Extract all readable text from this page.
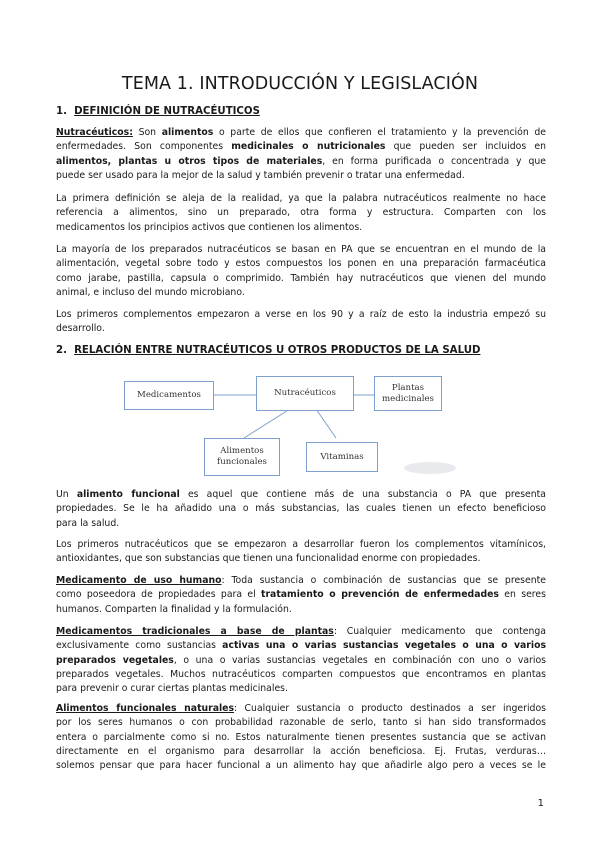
TEMA 1. INTRODUCCIÓN Y LEGISLACIÓN
1. DEFINICIÓN DE NUTRACÉUTICOS
Nutracéuticos: Son alimentos o parte de ellos que confieren el tratamiento y la prevención de
enfermedades. Son componentes medicinales o nutricionales que pueden ser incluidos en
alimentos, plantas u otros tipos de materiales, en forma purificada o concentrada y que
puede ser usado para la mejor de la salud y también prevenir o tratar una enfermedad.
La primera definición se aleja de la realidad, ya que la palabra nutracéuticos realmente no hace
referencia a alimentos, sino un preparado, otra forma y estructura. Comparten con los
medicamentos los principios activos que contienen los alimentos.
La mayoría de los preparados nutracéuticos se basan en PA que se encuentran en el mundo de la
alimentación, vegetal sobre todo y estos compuestos los ponen en una preparación farmacéutica
como jarabe, pastilla, capsula o comprimido. También hay nutracéuticos que vienen del mundo
animal, e incluso del mundo microbiano.
Los primeros complementos empezaron a verse en los 90 y a raíz de esto la industria empezó su
desarrollo.
2. RELACIÓN ENTRE NUTRACÉUTICOS U OTROS PRODUCTOS DE LA SALUD
Medicamentos	Nutracéuticos
Plantas
medicinales
Alimentos
funcionales
Vitaminas
Un alimento funcional es aquel que contiene más de una substancia o PA que presenta
propiedades. Se le ha añadido una o más substancias, las cuales tienen un efecto beneficioso
para la salud.
Los primeros nutracéuticos que se empezaron a desarrollar fueron los complementos vitamínicos,
antioxidantes, que son substancias que tienen una funcionalidad enorme con propiedades.
Medicamento de uso humano: Toda sustancia o combinación de sustancias que se presente
como poseedora de propiedades para el tratamiento o prevención de enfermedades en seres
humanos. Comparten la finalidad y la formulación.
Medicamentos tradicionales a base de plantas: Cualquier medicamento que contenga
exclusivamente como sustancias activas una o varias sustancias vegetales o una o varios
preparados vegetales, o una o varias sustancias vegetales en combinación con uno o varios
preparados vegetales. Muchos nutracéuticos comparten compuestos que encontramos en plantas
para prevenir o curar ciertas plantas medicinales.
Alimentos funcionales naturales: Cualquier sustancia o producto destinados a ser ingeridos
por los seres humanos o con probabilidad razonable de serlo, tanto si han sido transformados
entera o parcialmente como si no. Estos naturalmente tienen presentes sustancia que se activan
directamente en el organismo para desarrollar la acción beneficiosa. Ej. Frutas, verduras…
solemos pensar que para hacer funcional a un alimento hay que añadirle algo pero a veces se le
1
